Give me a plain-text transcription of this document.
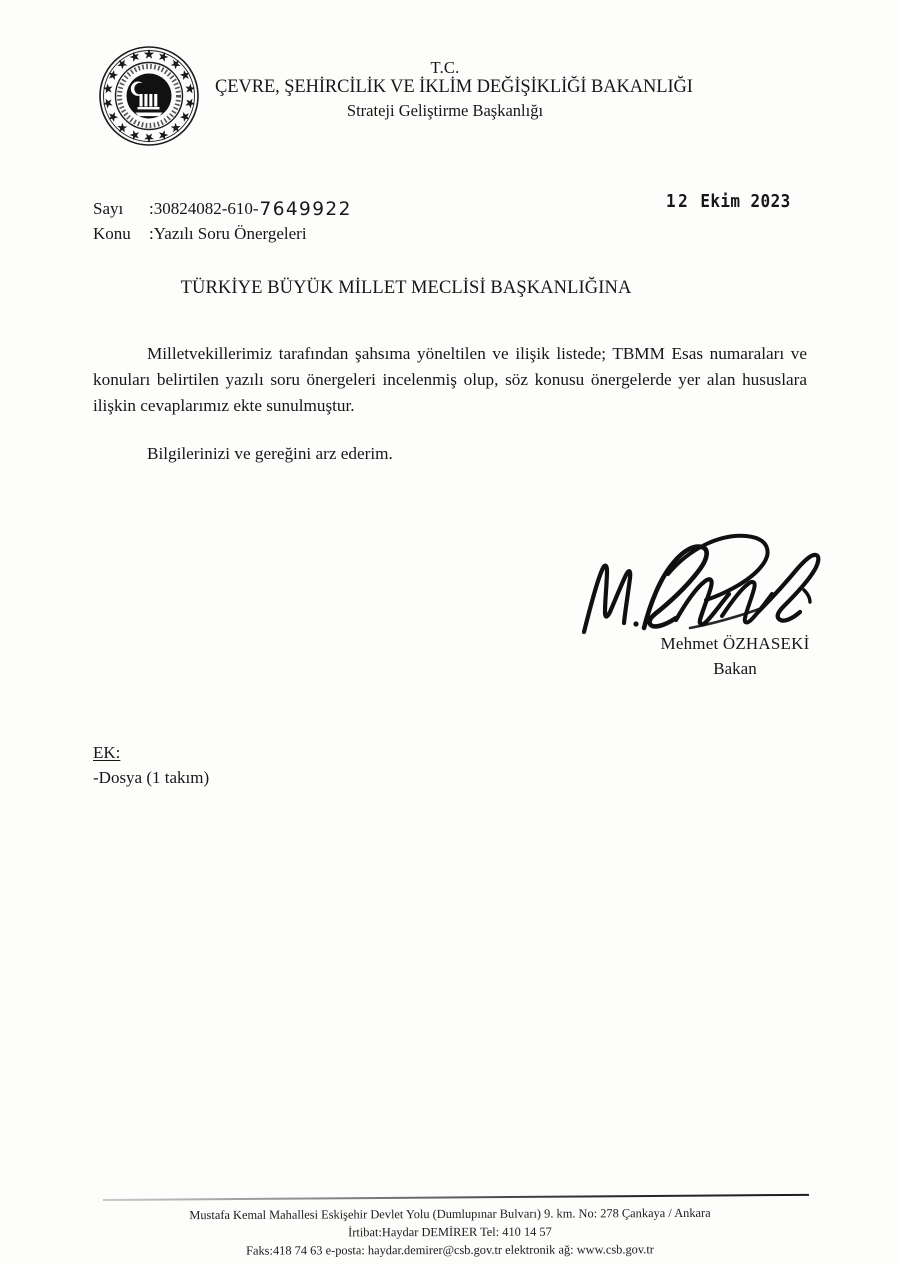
T.C.
ÇEVRE, ŞEHİRCİLİK VE İKLİM DEĞİŞİKLİĞİ BAKANLIĞI
Strateji Geliştirme Başkanlığı
Sayı :30824082-610-7649922
Konu :Yazılı Soru Önergeleri
12 Ekim 2023
TÜRKİYE BÜYÜK MİLLET MECLİSİ BAŞKANLIĞINA

Milletvekillerimiz tarafından şahsıma yöneltilen ve ilişik listede; TBMM Esas numaraları ve konuları belirtilen yazılı soru önergeleri incelenmiş olup, söz konusu önergelerde yer alan hususlara ilişkin cevaplarımız ekte sunulmuştur.

Bilgilerinizi ve gereğini arz ederim.

Mehmet ÖZHASEKİ
Bakan
EK:
-Dosya (1 takım)
Mustafa Kemal Mahallesi Eskişehir Devlet Yolu (Dumlupınar Bulvarı) 9. km. No: 278 Çankaya / Ankara
İrtibat:Haydar DEMİRER Tel: 410 14 57
Faks:418 74 63 e-posta: haydar.demirer@csb.gov.tr elektronik ağ: www.csb.gov.tr
